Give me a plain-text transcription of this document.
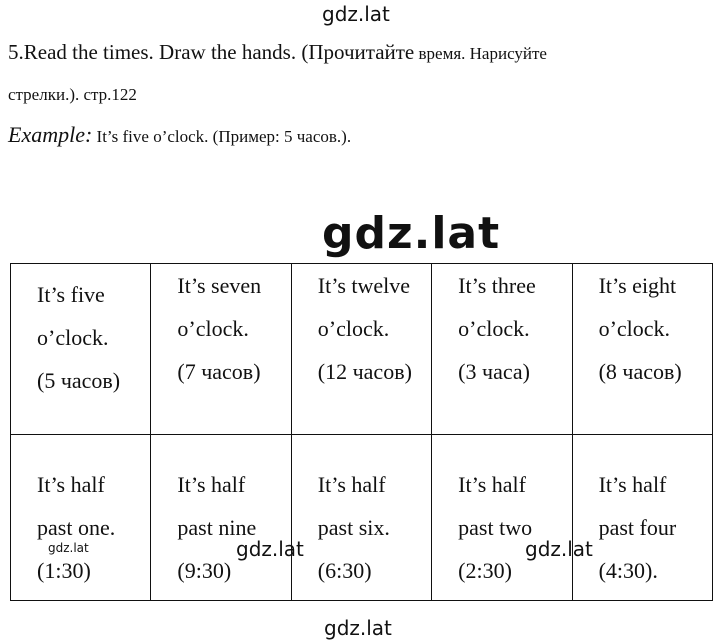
gdz.lat
5.Read the times. Draw the hands. (Прочитайте время. Нарисуйте
стрелки.). стр.122
Example: It’s five o’clock. (Пример: 5 часов.).
gdz.lat
It’s five
o’clock.
(5 часов)	It’s seven
o’clock.
(7 часов)	It’s twelve
o’clock.
(12 часов)	It’s three
o’clock.
(3 часа)	It’s eight
o’clock.
(8 часов)

It’s half
past one.
(1:30)	It’s half
past nine
(9:30)	It’s half
past six.
(6:30)	It’s half
past two
(2:30)	It’s half
past four
(4:30).
gdz.lat	gdz.lat	gdz.lat
gdz.lat
